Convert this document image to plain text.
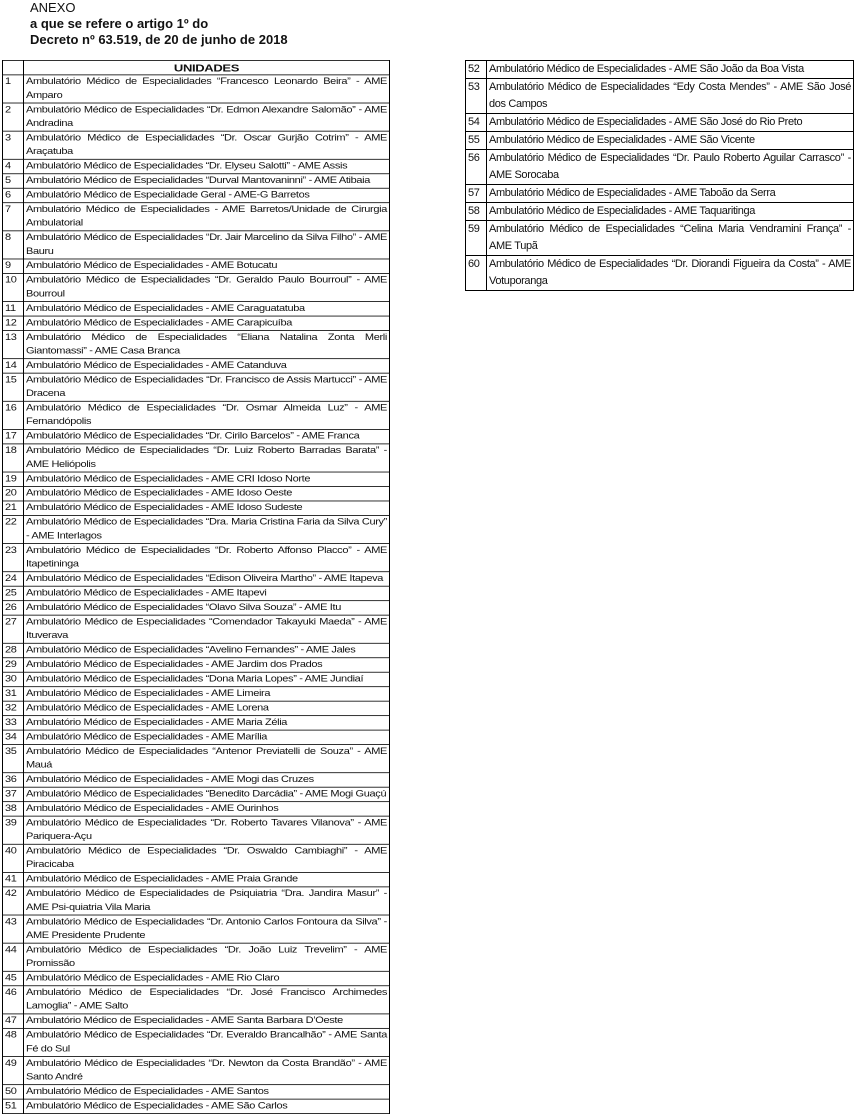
ANEXO
a que se refere o artigo 1º do
Decreto nº 63.519, de 20 de junho de 2018
	UNIDADES
1	Ambulatório Médico de Especialidades “Francesco Leonardo Beira” - AME Amparo
2	Ambulatório Médico de Especialidades “Dr. Edmon Alexandre Salomão” - AME Andradina
3	Ambulatório Médico de Especialidades “Dr. Oscar Gurjão Cotrim” - AME Araçatuba
4	Ambulatório Médico de Especialidades “Dr. Elyseu Salotti” - AME Assis
5	Ambulatório Médico de Especialidades “Durval Mantovaninni” - AME Atibaia
6	Ambulatório Médico de Especialidade Geral - AME-G Barretos
7	Ambulatório Médico de Especialidades - AME Barretos/Unidade de Cirurgia Ambulatorial
8	Ambulatório Médico de Especialidades “Dr. Jair Marcelino da Silva Filho” - AME Bauru
9	Ambulatório Médico de Especialidades - AME Botucatu
10	Ambulatório Médico de Especialidades “Dr. Geraldo Paulo Bourroul” - AME Bourroul
11	Ambulatório Médico de Especialidades - AME Caraguatatuba
12	Ambulatório Médico de Especialidades - AME Carapicuíba
13	Ambulatório Médico de Especialidades “Eliana Natalina Zonta Merli Giantomassi” - AME Casa Branca
14	Ambulatório Médico de Especialidades - AME Catanduva
15	Ambulatório Médico de Especialidades “Dr. Francisco de Assis Martucci” - AME Dracena
16	Ambulatório Médico de Especialidades “Dr. Osmar Almeida Luz” - AME Fernandópolis
17	Ambulatório Médico de Especialidades “Dr. Cirilo Barcelos” - AME Franca
18	Ambulatório Médico de Especialidades “Dr. Luiz Roberto Barradas Barata” - AME Heliópolis
19	Ambulatório Médico de Especialidades - AME CRI Idoso Norte
20	Ambulatório Médico de Especialidades - AME Idoso Oeste
21	Ambulatório Médico de Especialidades - AME Idoso Sudeste
22	Ambulatório Médico de Especialidades “Dra. Maria Cristina Faria da Silva Cury” - AME Interlagos
23	Ambulatório Médico de Especialidades “Dr. Roberto Affonso Placco” - AME Itapetininga
24	Ambulatório Médico de Especialidades “Edison Oliveira Martho” - AME Itapeva
25	Ambulatório Médico de Especialidades - AME Itapevi
26	Ambulatório Médico de Especialidades “Olavo Silva Souza” - AME Itu
27	Ambulatório Médico de Especialidades “Comendador Takayuki Maeda” - AME Ituverava
28	Ambulatório Médico de Especialidades “Avelino Fernandes” - AME Jales
29	Ambulatório Médico de Especialidades - AME Jardim dos Prados
30	Ambulatório Médico de Especialidades “Dona Maria Lopes” - AME Jundiaí
31	Ambulatório Médico de Especialidades - AME Limeira
32	Ambulatório Médico de Especialidades - AME Lorena
33	Ambulatório Médico de Especialidades - AME Maria Zélia
34	Ambulatório Médico de Especialidades - AME Marília
35	Ambulatório Médico de Especialidades “Antenor Previatelli de Souza” - AME Mauá
36	Ambulatório Médico de Especialidades - AME Mogi das Cruzes
37	Ambulatório Médico de Especialidades “Benedito Darcádia” - AME Mogi Guaçú
38	Ambulatório Médico de Especialidades - AME Ourinhos
39	Ambulatório Médico de Especialidades “Dr. Roberto Tavares Vilanova” - AME Pariquera-Açu
40	Ambulatório Médico de Especialidades “Dr. Oswaldo Cambiaghi” - AME Piracicaba
41	Ambulatório Médico de Especialidades - AME Praia Grande
42	Ambulatório Médico de Especialidades de Psiquiatria “Dra. Jandira Masur” - AME Psi-quiatria Vila Maria
43	Ambulatório Médico de Especialidades “Dr. Antonio Carlos Fontoura da Silva” - AME Presidente Prudente
44	Ambulatório Médico de Especialidades “Dr. João Luiz Trevelim” - AME Promissão
45	Ambulatório Médico de Especialidades - AME Rio Claro
46	Ambulatório Médico de Especialidades “Dr. José Francisco Archimedes Lamoglia” - AME Salto
47	Ambulatório Médico de Especialidades - AME Santa Barbara D’Oeste
48	Ambulatório Médico de Especialidades “Dr. Everaldo Brancalhão” - AME Santa Fé do Sul
49	Ambulatório Médico de Especialidades “Dr. Newton da Costa Brandão” - AME Santo André
50	Ambulatório Médico de Especialidades - AME Santos
51	Ambulatório Médico de Especialidades - AME São Carlos
52	Ambulatório Médico de Especialidades - AME São João da Boa Vista
53	Ambulatório Médico de Especialidades “Edy Costa Mendes” - AME São José dos Campos
54	Ambulatório Médico de Especialidades - AME São José do Rio Preto
55	Ambulatório Médico de Especialidades - AME São Vicente
56	Ambulatório Médico de Especialidades “Dr. Paulo Roberto Aguilar Carrasco” - AME Sorocaba
57	Ambulatório Médico de Especialidades - AME Taboão da Serra
58	Ambulatório Médico de Especialidades - AME Taquaritinga
59	Ambulatório Médico de Especialidades “Celina Maria Vendramini França” - AME Tupã
60	Ambulatório Médico de Especialidades “Dr. Diorandi Figueira da Costa” - AME Votuporanga
